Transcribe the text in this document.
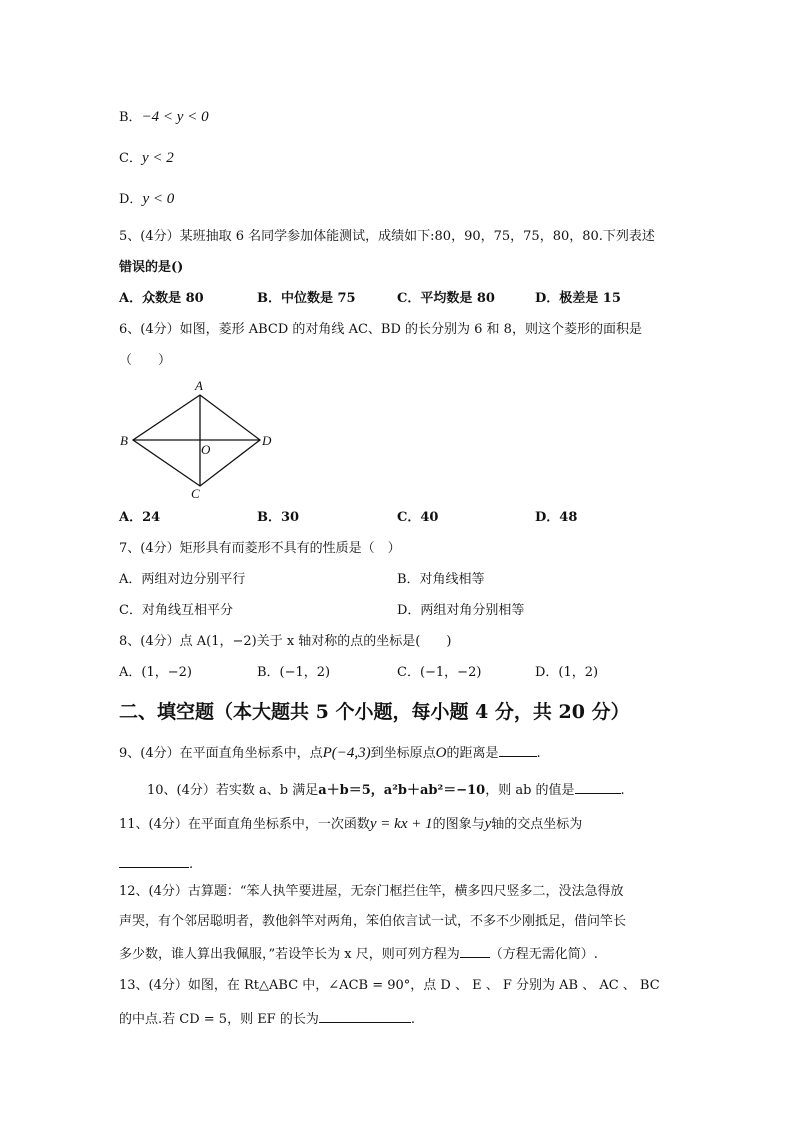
B．−4 < y < 0
C．y < 2
D．y < 0
5、(4分）某班抽取 6 名同学参加体能测试，成绩如下:80，90，75，75，80，80.下列表述
错误的是()
A．众数是 80	B．中位数是 75	C．平均数是 80	D．极差是 15
6、(4分）如图，菱形 ABCD 的对角线 AC、BD 的长分别为 6 和 8，则这个菱形的面积是
（　　）
A
B
C
D
O
A．24	B．30	C．40	D．48
7、(4分）矩形具有而菱形不具有的性质是（　）
A．两组对边分别平行	B．对角线相等
C．对角线互相平分	D．两组对角分别相等
8、(4分）点 A(1，−2)关于 x 轴对称的点的坐标是(　　)
A．(1，−2)	B．(−1，2)	C．(−1，−2)	D．(1，2)
二、填空题（本大题共 5 个小题，每小题 4 分，共 20 分）
9、(4分）在平面直角坐标系中，点P(−4,3)到坐标原点O的距离是	.
10、(4分）若实数 a、b 满足a＋b＝5，a²b＋ab²＝−10，则 ab 的值是	.
11、(4分）在平面直角坐标系中，一次函数y = kx + 1的图象与y轴的交点坐标为
.
12、(4分）古算题：“笨人执竿要进屋，无奈门框拦住竿，横多四尺竖多二，没法急得放
声哭，有个邻居聪明者，教他斜竿对两角，笨伯依言试一试，不多不少刚抵足，借问竿长
多少数，谁人算出我佩服，”若设竿长为 x 尺，则可列方程为 （方程无需化简）.
13、(4分）如图，在 Rt△ABC 中，∠ACB = 90°，点 D 、 E 、 F 分别为 AB 、 AC 、 BC
的中点.若 CD = 5，则 EF 的长为	.
